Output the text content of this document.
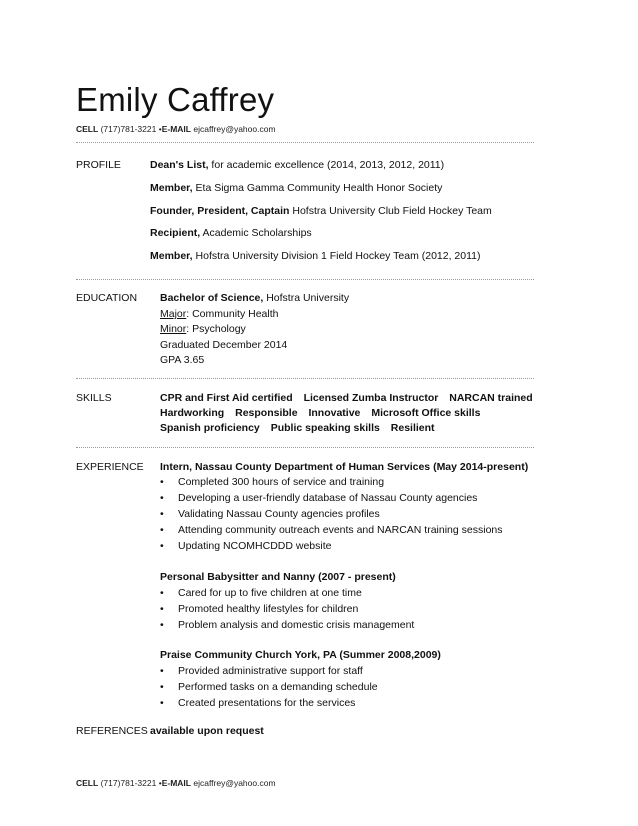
Emily Caffrey
CELL (717)781-3221 •E-MAIL ejcaffrey@yahoo.com
PROFILE	Dean's List, for academic excellence (2014, 2013, 2012, 2011)
Member, Eta Sigma Gamma Community Health Honor Society
Founder, President, Captain Hofstra University Club Field Hockey Team
Recipient, Academic Scholarships
Member, Hofstra University Division 1 Field Hockey Team (2012, 2011)
EDUCATION Bachelor of Science, Hofstra University
Major: Community Health
Minor: Psychology
Graduated December 2014
GPA 3.65
SKILLS	CPR and First Aid certified Licensed Zumba Instructor NARCAN trained
Hardworking Responsible Innovative Microsoft Office skills
Spanish proficiency Public speaking skills Resilient
EXPERIENCE Intern, Nassau County Department of Human Services (May 2014-present)
• Completed 300 hours of service and training
• Developing a user-friendly database of Nassau County agencies
• Validating Nassau County agencies profiles
• Attending community outreach events and NARCAN training sessions
• Updating NCOMHCDDD website
Personal Babysitter and Nanny (2007 - present)
• Cared for up to five children at one time
• Promoted healthy lifestyles for children
• Problem analysis and domestic crisis management
Praise Community Church York, PA (Summer 2008,2009)
• Provided administrative support for staff
• Performed tasks on a demanding schedule
• Created presentations for the services
REFERENCES available upon request
CELL (717)781-3221 •E-MAIL ejcaffrey@yahoo.com
